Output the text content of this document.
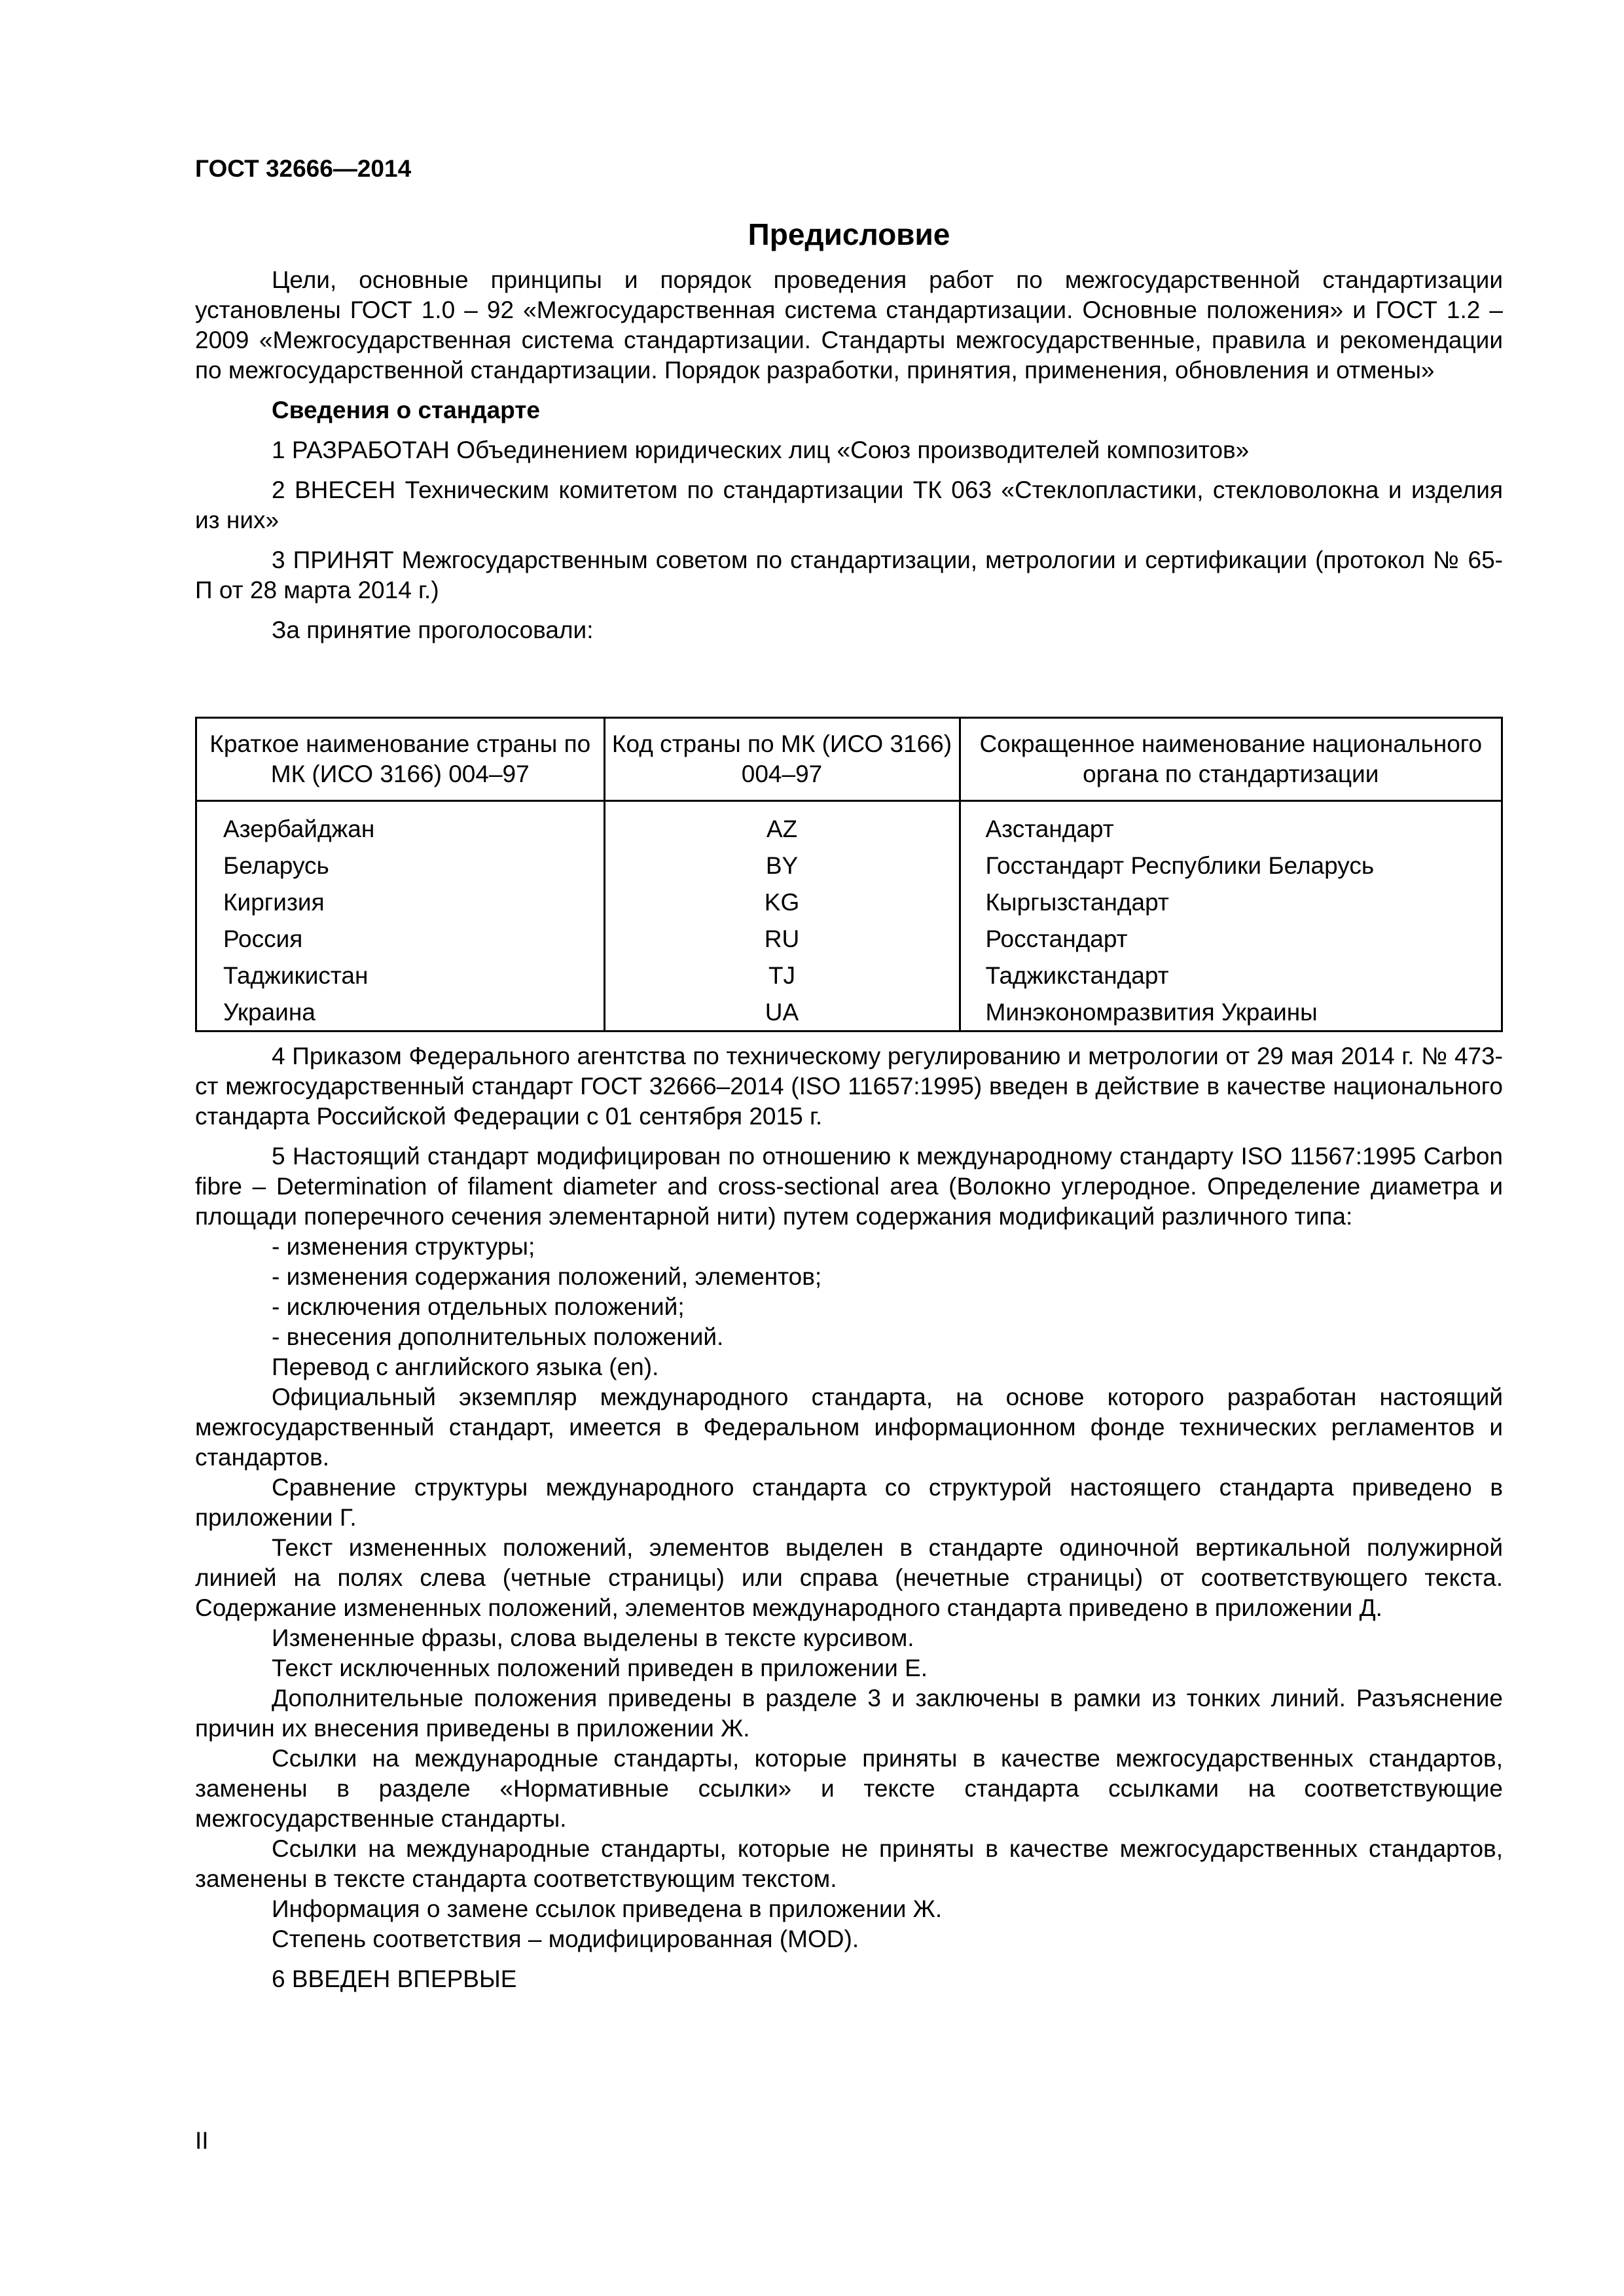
ГОСТ 32666—2014
Предисловие

Цели, основные принципы и порядок проведения работ по межгосударственной стандартизации установлены ГОСТ 1.0 – 92 «Межгосударственная система стандартизации. Основные положения» и ГОСТ 1.2 – 2009 «Межгосударственная система стандартизации. Стандарты межгосударственные, правила и рекомендации по межгосударственной стандартизации. Порядок разработки, принятия, применения, обновления и отмены»

Сведения о стандарте

1 РАЗРАБОТАН Объединением юридических лиц «Союз производителей композитов»

2 ВНЕСЕН Техническим комитетом по стандартизации ТК 063 «Стеклопластики, стекловолокна и изделия из них»

3 ПРИНЯТ Межгосударственным советом по стандартизации, метрологии и сертификации (протокол № 65-П от 28 марта 2014 г.)

За принятие проголосовали:

Краткое наименование страны по МК (ИСО 3166) 004–97	Код страны по МК (ИСО 3166) 004–97	Сокращенное наименование национального органа по стандартизации
Азербайджан	AZ	Азстандарт
Беларусь	BY	Госстандарт Республики Беларусь
Киргизия	KG	Кыргызстандарт
Россия	RU	Росстандарт
Таджикистан	TJ	Таджикстандарт
Украина	UA	Минэкономразвития Украины

4 Приказом Федерального агентства по техническому регулированию и метрологии от 29 мая 2014 г. № 473-ст межгосударственный стандарт ГОСТ 32666–2014 (ISO 11657:1995) введен в действие в качестве национального стандарта Российской Федерации с 01 сентября 2015 г.

5 Настоящий стандарт модифицирован по отношению к международному стандарту ISO 11567:1995 Carbon fibre – Determination of filament diameter and cross-sectional area (Волокно углеродное. Определение диаметра и площади поперечного сечения элементарной нити) путем содержания модификаций различного типа:

- изменения структуры;

- изменения содержания положений, элементов;

- исключения отдельных положений;

- внесения дополнительных положений.

Перевод с английского языка (en).

Официальный экземпляр международного стандарта, на основе которого разработан настоящий межгосударственный стандарт, имеется в Федеральном информационном фонде технических регламентов и стандартов.

Сравнение структуры международного стандарта со структурой настоящего стандарта приведено в приложении Г.

Текст измененных положений, элементов выделен в стандарте одиночной вертикальной полужирной линией на полях слева (четные страницы) или справа (нечетные страницы) от соответствующего текста. Содержание измененных положений, элементов международного стандарта приведено в приложении Д.

Измененные фразы, слова выделены в тексте курсивом.

Текст исключенных положений приведен в приложении Е.

Дополнительные положения приведены в разделе 3 и заключены в рамки из тонких линий. Разъяснение причин их внесения приведены в приложении Ж.

Ссылки на международные стандарты, которые приняты в качестве межгосударственных стандартов, заменены в разделе «Нормативные ссылки» и тексте стандарта ссылками на соответствующие межгосударственные стандарты.

Ссылки на международные стандарты, которые не приняты в качестве межгосударственных стандартов, заменены в тексте стандарта соответствующим текстом.

Информация о замене ссылок приведена в приложении Ж.

Степень соответствия – модифицированная (MOD).

6 ВВЕДЕН ВПЕРВЫЕ

II
